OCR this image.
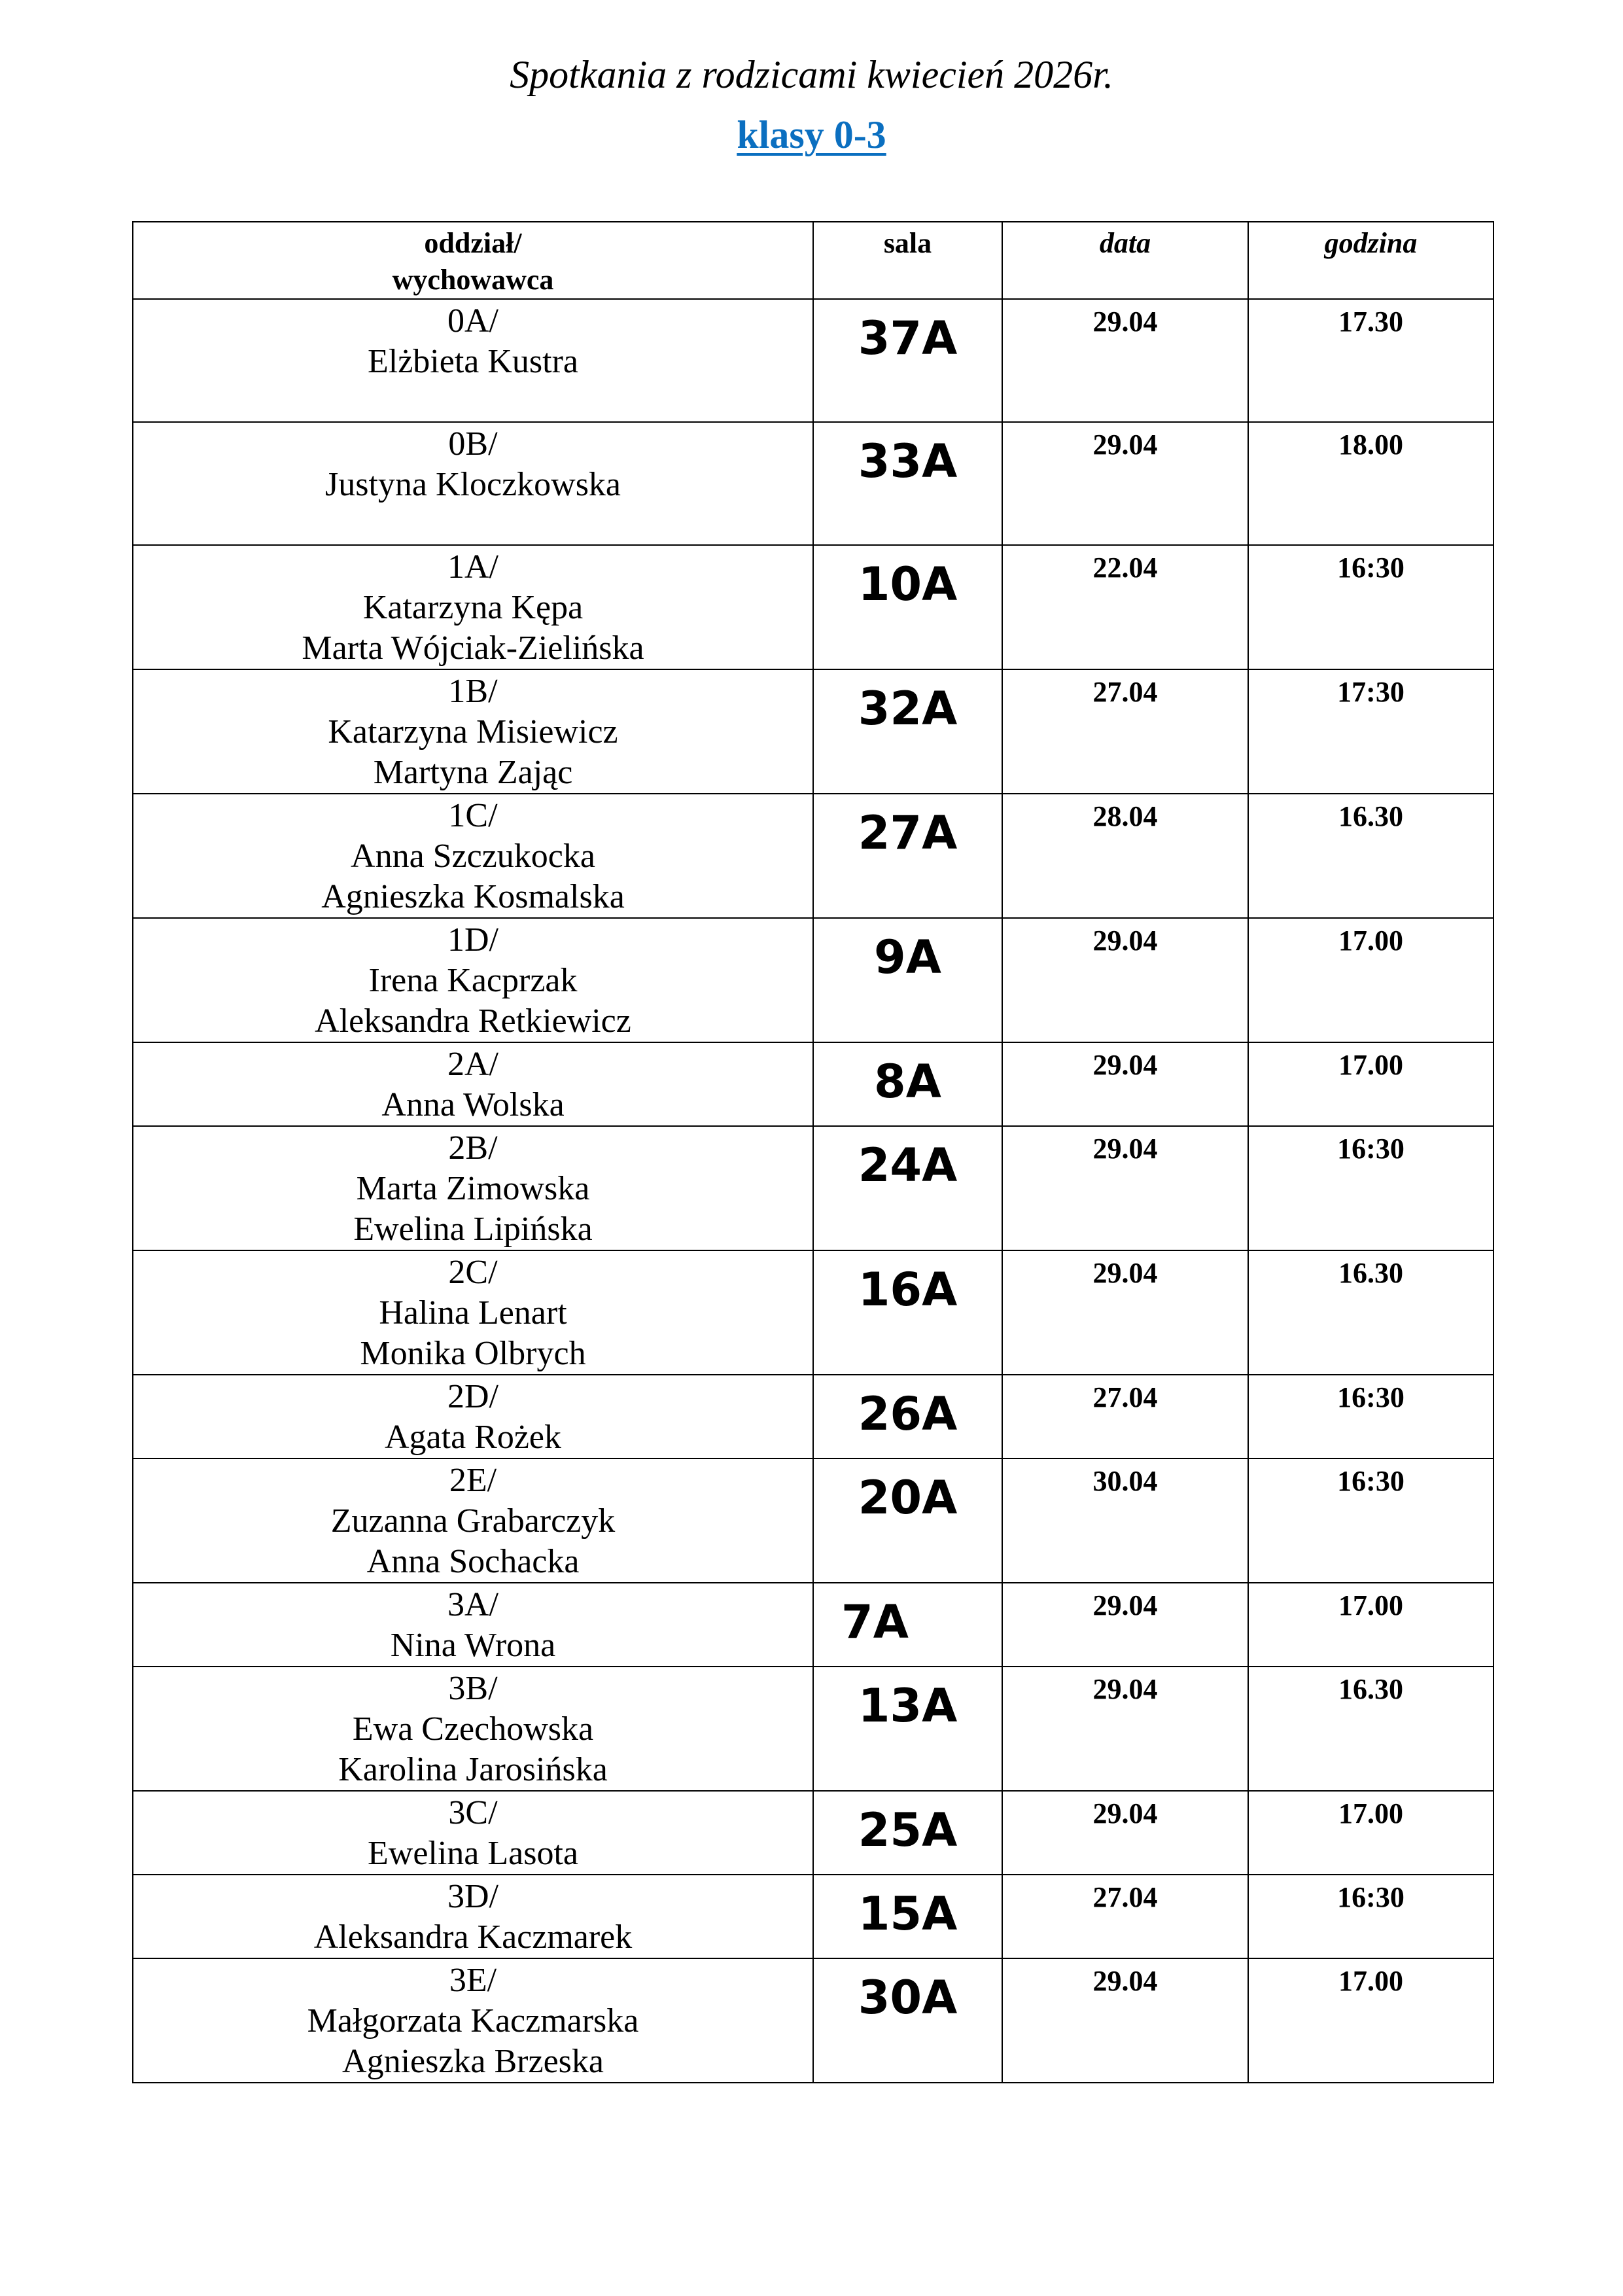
Spotkania z rodzicami kwiecień 2026r.
klasy 0-3
oddział/
wychowawca	sala	data	godzina

0A/
Elżbieta Kustra	37A	29.04	17.30

0B/
Justyna Kloczkowska	33A	29.04	18.00

1A/
Katarzyna Kępa
Marta Wójciak-Zielińska	10A	22.04	16:30

1B/
Katarzyna Misiewicz
Martyna Zając	32A	27.04	17:30

1C/
Anna Szczukocka
Agnieszka Kosmalska	27A	28.04	16.30

1D/
Irena Kacprzak
Aleksandra Retkiewicz	9A	29.04	17.00

2A/
Anna Wolska	8A	29.04	17.00

2B/
Marta Zimowska
Ewelina Lipińska	24A	29.04	16:30

2C/
Halina Lenart
Monika Olbrych	16A	29.04	16.30

2D/
Agata Rożek	26A	27.04	16:30

2E/
Zuzanna Grabarczyk
Anna Sochacka	20A	30.04	16:30

3A/
Nina Wrona	7A	29.04	17.00

3B/
Ewa Czechowska
Karolina Jarosińska	13A	29.04	16.30

3C/
Ewelina Lasota	25A	29.04	17.00

3D/
Aleksandra Kaczmarek	15A	27.04	16:30

3E/
Małgorzata Kaczmarska
Agnieszka Brzeska	30A	29.04	17.00
